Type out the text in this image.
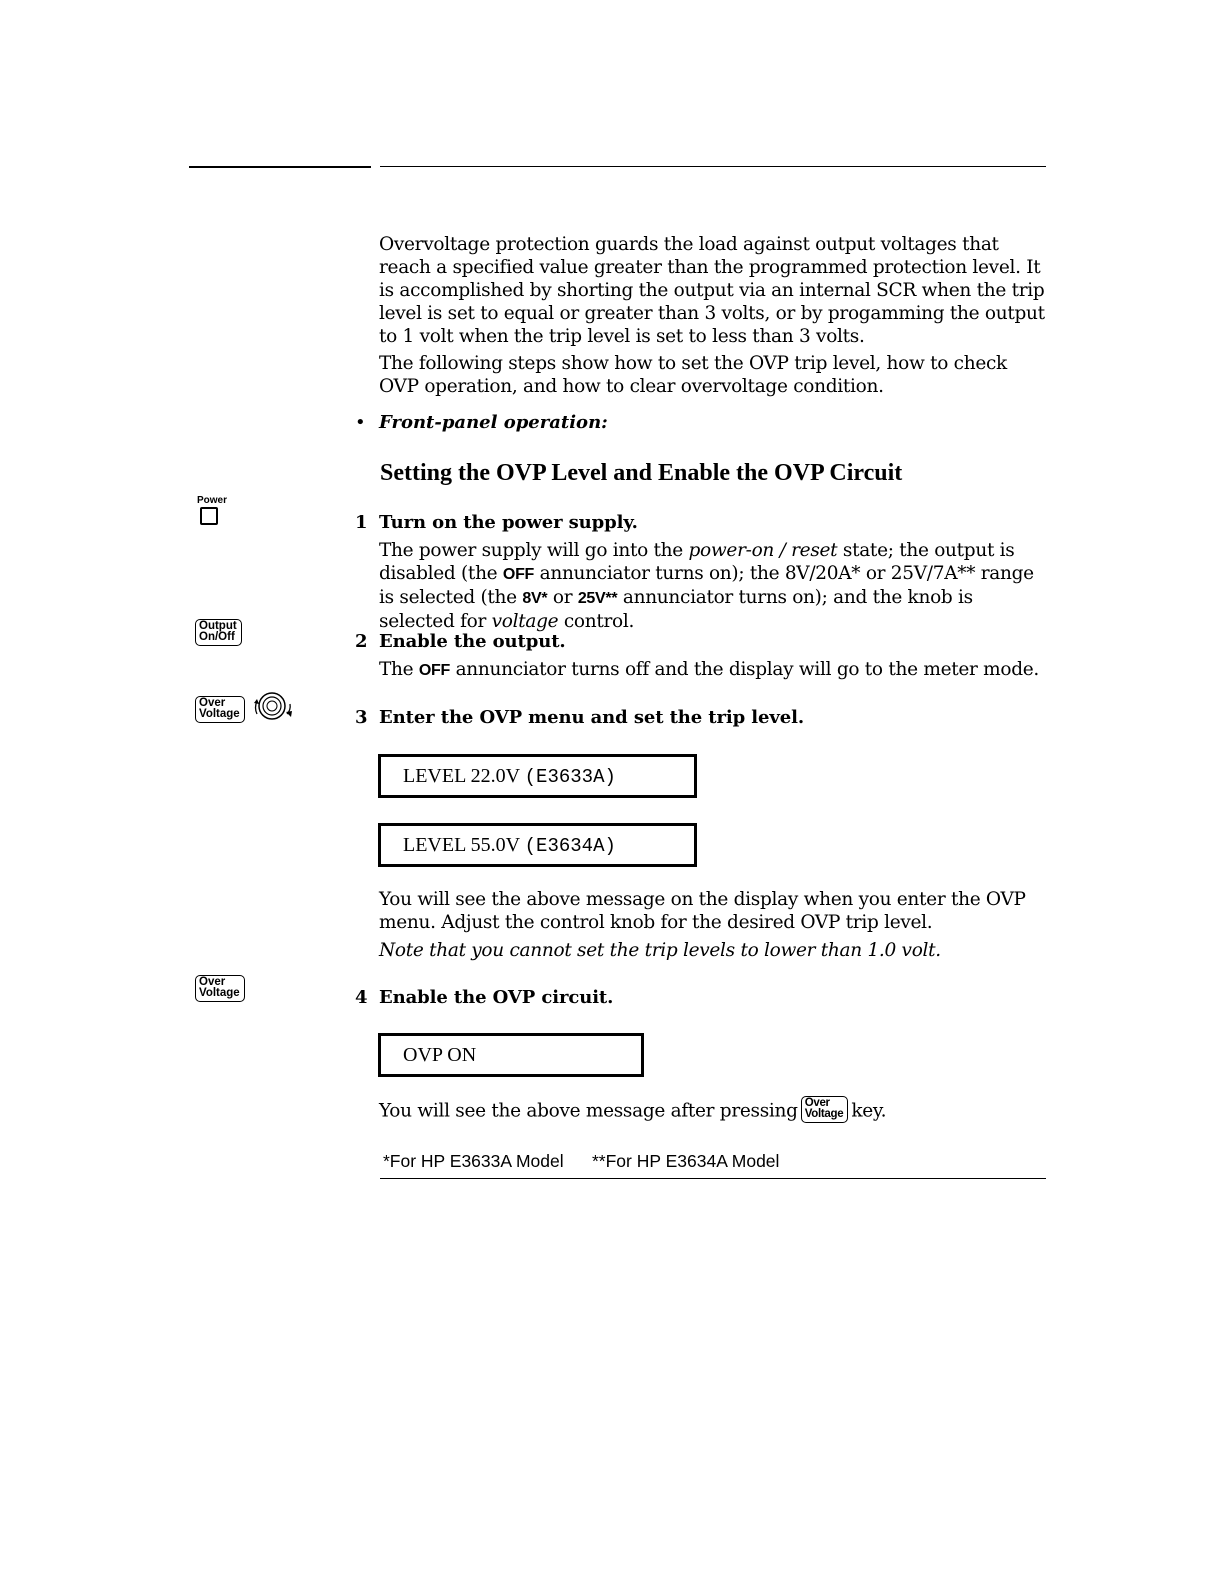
Overvoltage protection guards the load against output voltages that reach a specified value greater than the programmed protection level. It is accomplished by shorting the output via an internal SCR when the trip level is set to equal or greater than 3 volts, or by progamming the output to 1 volt when the trip level is set to less than 3 volts.

The following steps show how to set the OVP trip level, how to check OVP operation, and how to clear overvoltage condition.

• Front-panel operation:
Setting the OVP Level and Enable the OVP Circuit
Power
Output
On/Off
Over
Voltage
Over
Voltage
1 Turn on the power supply.

The power supply will go into the power-on / reset state; the output is disabled (the OFF annunciator turns on); the 8V/20A* or 25V/7A** range is selected (the 8V* or 25V** annunciator turns on); and the knob is selected for voltage control.

2 Enable the output.

The OFF annunciator turns off and the display will go to the meter mode.

3 Enter the OVP menu and set the trip level.
LEVEL 22.0V (E3633A)
LEVEL 55.0V (E3634A)

You will see the above message on the display when you enter the OVP menu. Adjust the control knob for the desired OVP trip level.

Note that you cannot set the trip levels to lower than 1.0 volt.

4 Enable the OVP circuit.
OVP ON

You will see the above message after pressing Over
Voltage key.

*For HP E3633A Model **For HP E3634A Model
